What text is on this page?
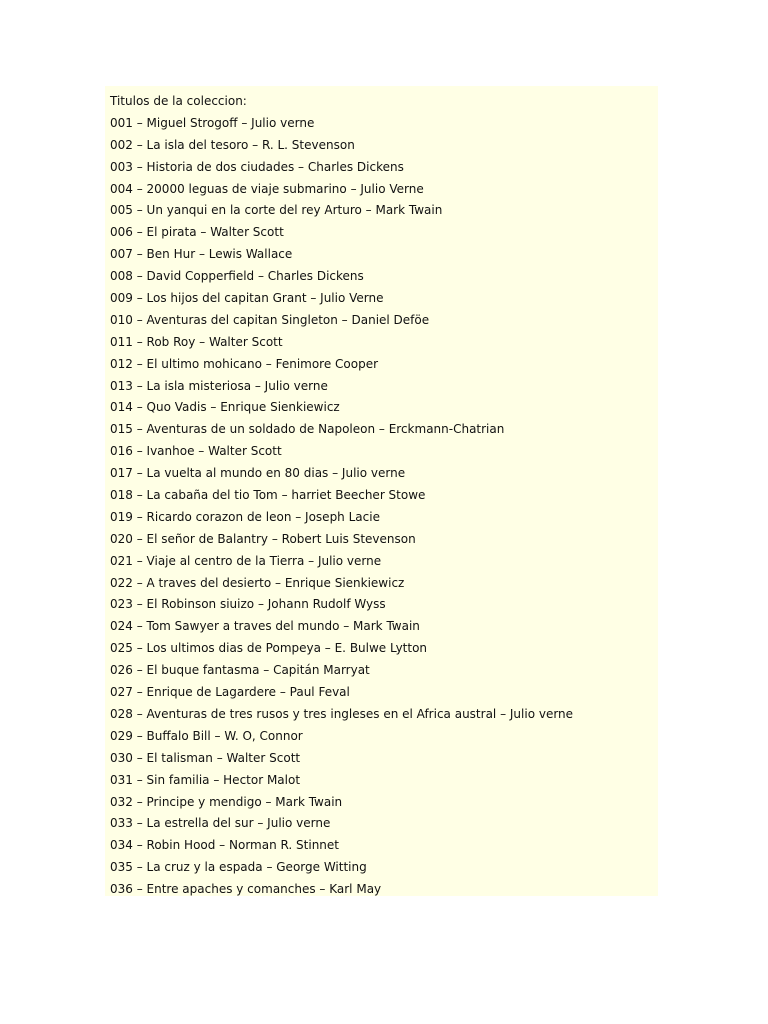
Titulos de la coleccion:
001 – Miguel Strogoff – Julio verne
002 – La isla del tesoro – R. L. Stevenson
003 – Historia de dos ciudades – Charles Dickens
004 – 20000 leguas de viaje submarino – Julio Verne
005 – Un yanqui en la corte del rey Arturo – Mark Twain
006 – El pirata – Walter Scott
007 – Ben Hur – Lewis Wallace
008 – David Copperfield – Charles Dickens
009 – Los hijos del capitan Grant – Julio Verne
010 – Aventuras del capitan Singleton – Daniel Deföe
011 – Rob Roy – Walter Scott
012 – El ultimo mohicano – Fenimore Cooper
013 – La isla misteriosa – Julio verne
014 – Quo Vadis – Enrique Sienkiewicz
015 – Aventuras de un soldado de Napoleon – Erckmann-Chatrian
016 – Ivanhoe – Walter Scott
017 – La vuelta al mundo en 80 dias – Julio verne
018 – La cabaña del tio Tom – harriet Beecher Stowe
019 – Ricardo corazon de leon – Joseph Lacie
020 – El señor de Balantry – Robert Luis Stevenson
021 – Viaje al centro de la Tierra – Julio verne
022 – A traves del desierto – Enrique Sienkiewicz
023 – El Robinson siuizo – Johann Rudolf Wyss
024 – Tom Sawyer a traves del mundo – Mark Twain
025 – Los ultimos dias de Pompeya – E. Bulwe Lytton
026 – El buque fantasma – Capitán Marryat
027 – Enrique de Lagardere – Paul Feval
028 – Aventuras de tres rusos y tres ingleses en el Africa austral – Julio verne
029 – Buffalo Bill – W. O, Connor
030 – El talisman – Walter Scott
031 – Sin familia – Hector Malot
032 – Principe y mendigo – Mark Twain
033 – La estrella del sur – Julio verne
034 – Robin Hood – Norman R. Stinnet
035 – La cruz y la espada – George Witting
036 – Entre apaches y comanches – Karl May
